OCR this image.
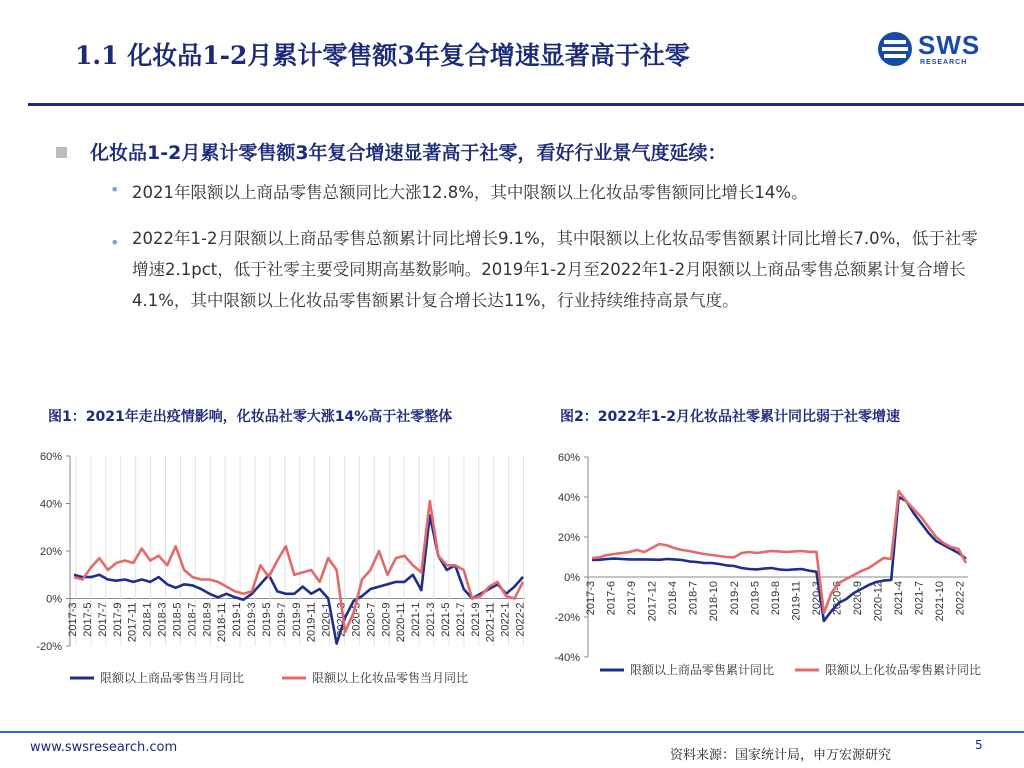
1.1 化妆品1-2月累计零售额3年复合增速显著高于社零	SWS
RESEARCH
化妆品1-2月累计零售额3年复合增速显著高于社零，看好行业景气度延续：
• 2021年限额以上商品零售总额同比大涨12.8%，其中限额以上化妆品零售额同比增长14%。
• 2022年1-2月限额以上商品零售总额累计同比增长9.1%，其中限额以上化妆品零售额累计同比增长7.0%，低于社零增速2.1pct，低于社零主要受同期高基数影响。2019年1-2月至2022年1-2月限额以上商品零售总额累计复合增长4.1%，其中限额以上化妆品零售额累计复合增长达11%，行业持续维持高景气度。
图1：2021年走出疫情影响，化妆品社零大涨14%高于社零整体	图2：2022年1-2月化妆品社零累计同比弱于社零增速
60%
40%
20%
0%
-20%
2017-3 2017-5 2017-7 2017-9 2017-11 2018-1 2018-3 2018-5 2018-7 2018-9 2018-11 2019-1 2019-3 2019-5 2019-7 2019-9 2019-11 2020-1 2020-3 2020-5 2020-7 2020-9 2020-11 2021-1 2021-3 2021-5 2021-7 2021-9 2021-11 2022-1 2022-2
限额以上商品零售当月同比	限额以上化妆品零售当月同比
60%
40%
20%
0%
-20%
-40%
2017-3 2017-6 2017-9 2017-12 2018-4 2018-7 2018-10 2019-2 2019-5 2019-8 2019-11 2020-3 2020-6 2020-9 2020-12 2021-4 2021-7 2021-10 2022-2
限额以上商品零售累计同比	限额以上化妆品零售累计同比
www.swsresearch.com
资料来源：国家统计局，申万宏源研究
5
